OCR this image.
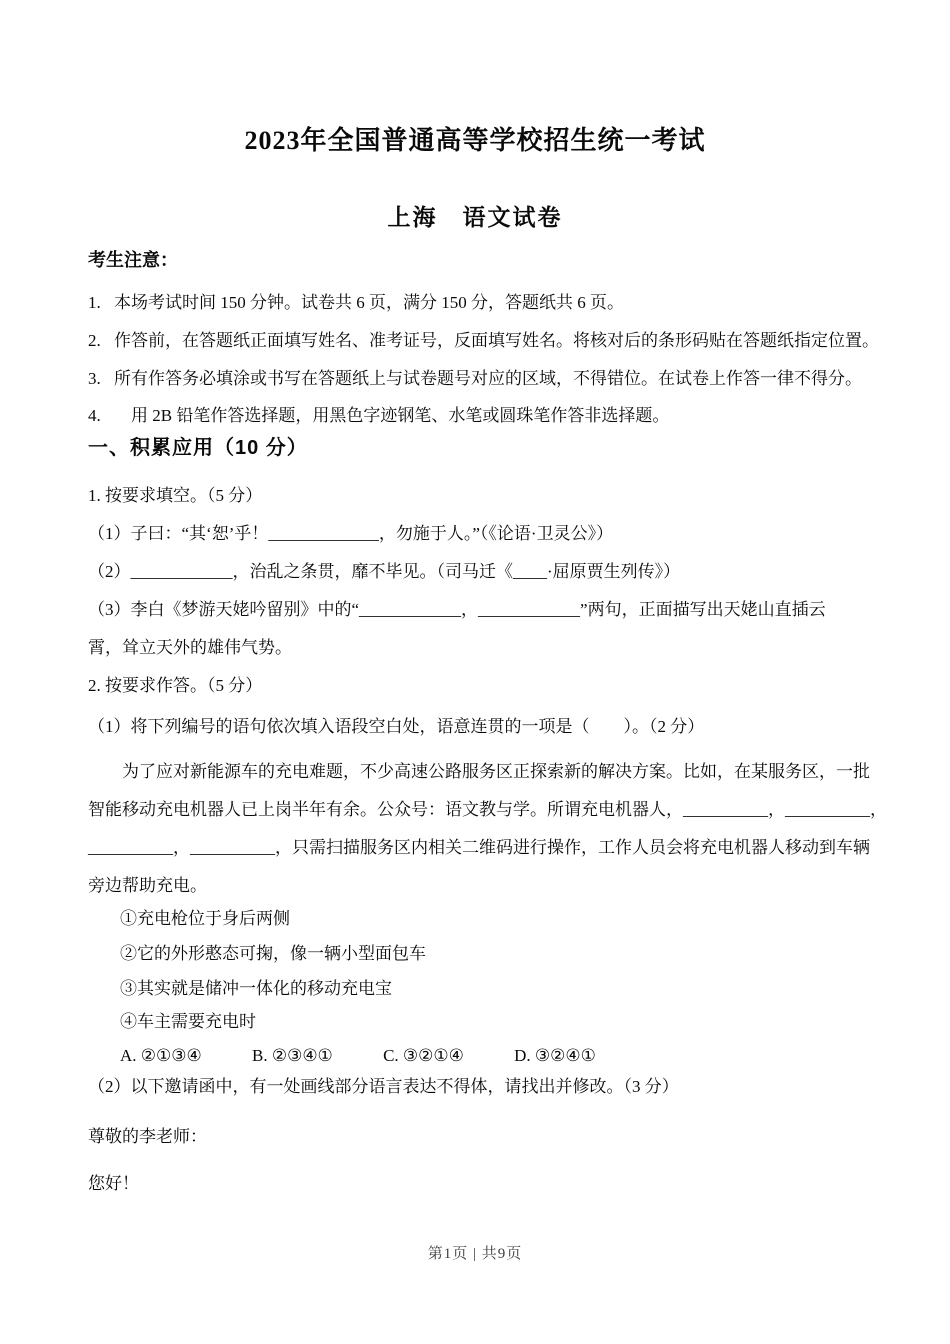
2023年全国普通高等学校招生统一考试
上海　语文试卷
考生注意：
1. 本场考试时间 150 分钟。试卷共 6 页，满分 150 分，答题纸共 6 页。
2. 作答前，在答题纸正面填写姓名、准考证号，反面填写姓名。将核对后的条形码贴在答题纸指定位置。
3. 所有作答务必填涂或书写在答题纸上与试卷题号对应的区域，不得错位。在试卷上作答一律不得分。
4.　用 2B 铅笔作答选择题，用黑色字迹钢笔、水笔或圆珠笔作答非选择题。
一、积累应用（10 分）
1. 按要求填空。（5 分）
（1）子曰：“其‘恕’乎！_____________，勿施于人。”（《论语·卫灵公》）
（2）____________，治乱之条贯，靡不毕见。（司马迁《____·屈原贾生列传》）
（3）李白《梦游天姥吟留别》中的“____________，____________”两句，正面描写出天姥山直插云
霄，耸立天外的雄伟气势。
2. 按要求作答。（5 分）
（1）将下列编号的语句依次填入语段空白处，语意连贯的一项是（　　）。（2 分）
为了应对新能源车的充电难题，不少高速公路服务区正探索新的解决方案。比如，在某服务区，一批
智能移动充电机器人已上岗半年有余。公众号：语文教与学。所谓充电机器人，__________，__________，
__________，__________，只需扫描服务区内相关二维码进行操作，工作人员会将充电机器人移动到车辆
旁边帮助充电。
①充电枪位于身后两侧
②它的外形憨态可掬，像一辆小型面包车
③其实就是储冲一体化的移动充电宝
④车主需要充电时
A. ②①③④	B. ②③④①	C. ③②①④	D. ③②④①
（2）以下邀请函中，有一处画线部分语言表达不得体，请找出并修改。（3 分）
尊敬的李老师：
您好！
第1页 | 共9页
